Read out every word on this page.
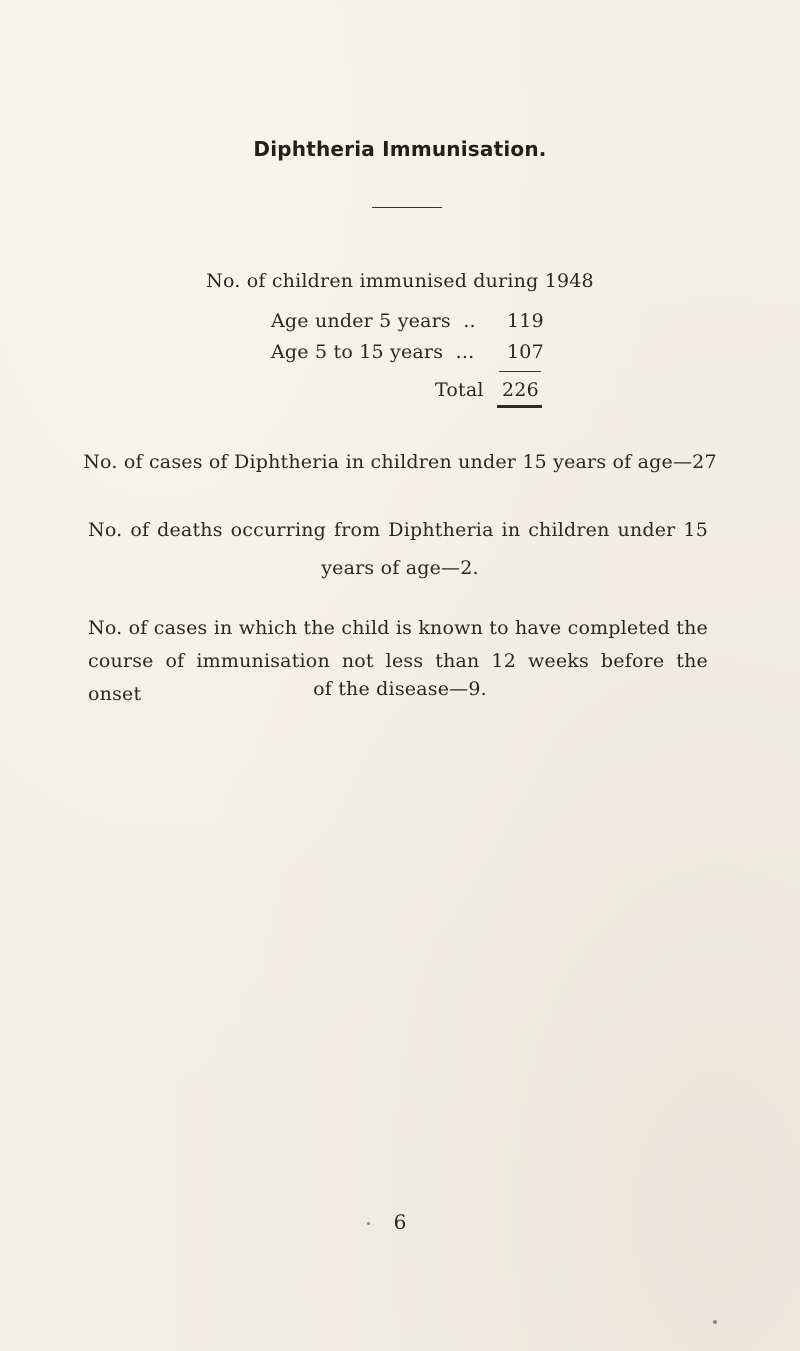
Diphtheria Immunisation.
No. of children immunised during 1948
Age under 5 years  .. 119
Age 5 to 15 years  ... 107
Total 226
No. of cases of Diphtheria in children under 15 years of age—27
No. of deaths occurring from Diphtheria in children under 15
years of age—2.
No. of cases in which the child is known to have completed the
course of immunisation not less than 12 weeks before the onset	of the disease—9.
6
